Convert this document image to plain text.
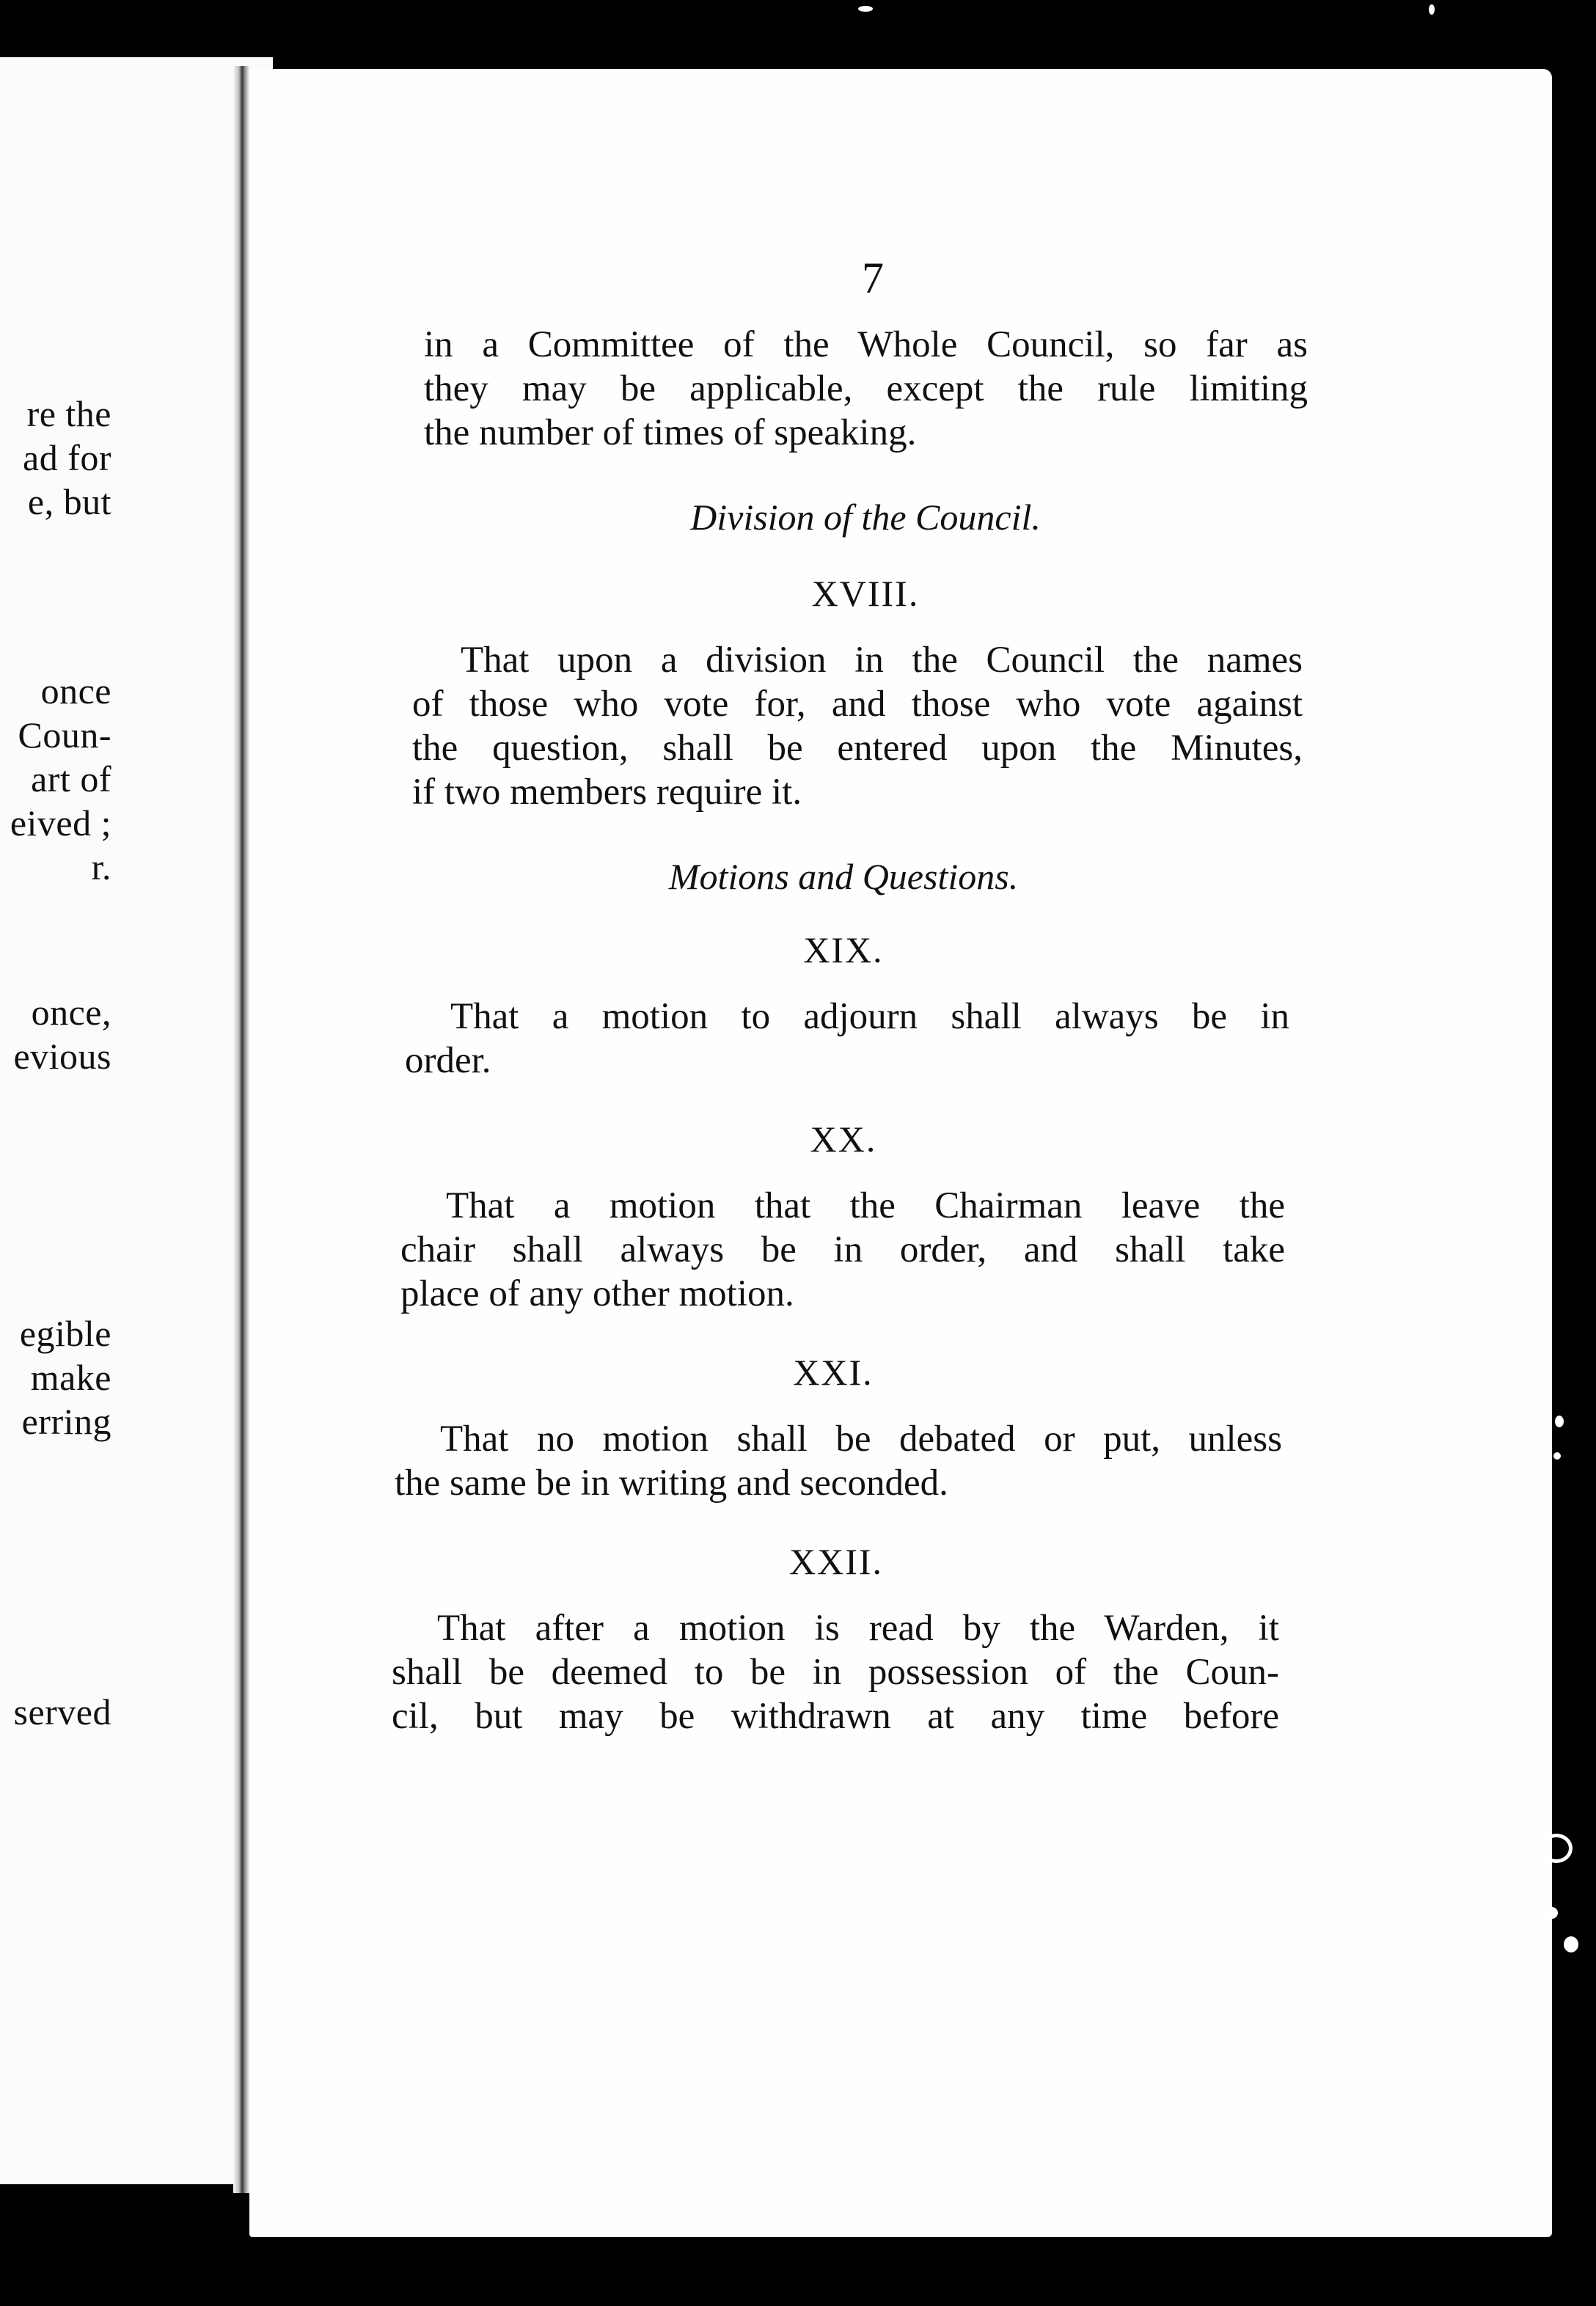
re the
ad for
e, but
once
Coun-
art of
eived ;
r.
once,
evious
egible
make
erring
served
7
in a Committee of the Whole Council, so far as
they may be applicable, except the rule limiting
the number of times of speaking.
Division of the Council.
XVIII.
That upon a division in the Council the names
of those who vote for, and those who vote against
the question, shall be entered upon the Minutes,
if two members require it.
Motions and Questions.
XIX.
That a motion to adjourn shall always be in
order.
XX.
That a motion that the Chairman leave the
chair shall always be in order, and shall take
place of any other motion.
XXI.
That no motion shall be debated or put, unless
the same be in writing and seconded.
XXII.
That after a motion is read by the Warden, it
shall be deemed to be in possession of the Coun-
cil, but may be withdrawn at any time before
